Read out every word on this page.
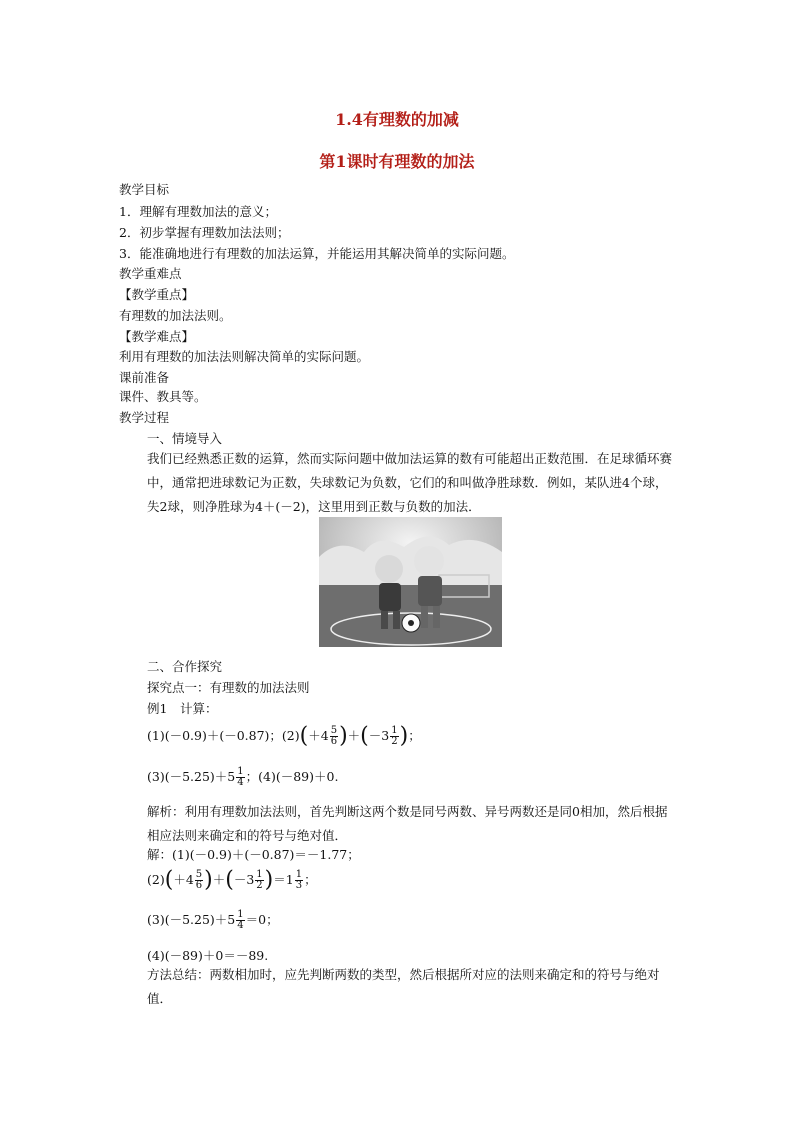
1.4有理数的加减
第1课时有理数的加法
教学目标
1．理解有理数加法的意义；
2．初步掌握有理数加法法则；
3．能准确地进行有理数的加法运算，并能运用其解决简单的实际问题。
教学重难点
【教学重点】
有理数的加法法则。
【教学难点】
利用有理数的加法法则解决简单的实际问题。
课前准备
课件、教具等。
教学过程
一、情境导入
我们已经熟悉正数的运算，然而实际问题中做加法运算的数有可能超出正数范围．在足球循环赛中，通常把进球数记为正数，失球数记为负数，它们的和叫做净胜球数．例如，某队进4个球，失2球，则净胜球为4＋(－2)，这里用到正数与负数的加法．
二、合作探究
探究点一：有理数的加法法则
例1　计算：
(1)(－0.9)＋(－0.87)；$(2)(+4 \frac{5}{6} )+(-3 \frac{1}{2}$ )；
$(3)(-5.25)+5 \frac{1}{4}$ ；(4)(－89)＋0.
解析：利用有理数加法法则，首先判断这两个数是同号两数、异号两数还是同0相加，然后根据相应法则来确定和的符号与绝对值．
解：(1)(－0.9)＋(－0.87)＝－1.77；
$(2)(+4 \frac{5}{6} )+(-3 \frac{1}{2} )=1 \frac{1}{3}$ ；
$(3)(-5.25)+5 \frac{1}{4} =0$；
(4)(－89)＋0＝－89.
方法总结：两数相加时，应先判断两数的类型，然后根据所对应的法则来确定和的符号与绝对值．
